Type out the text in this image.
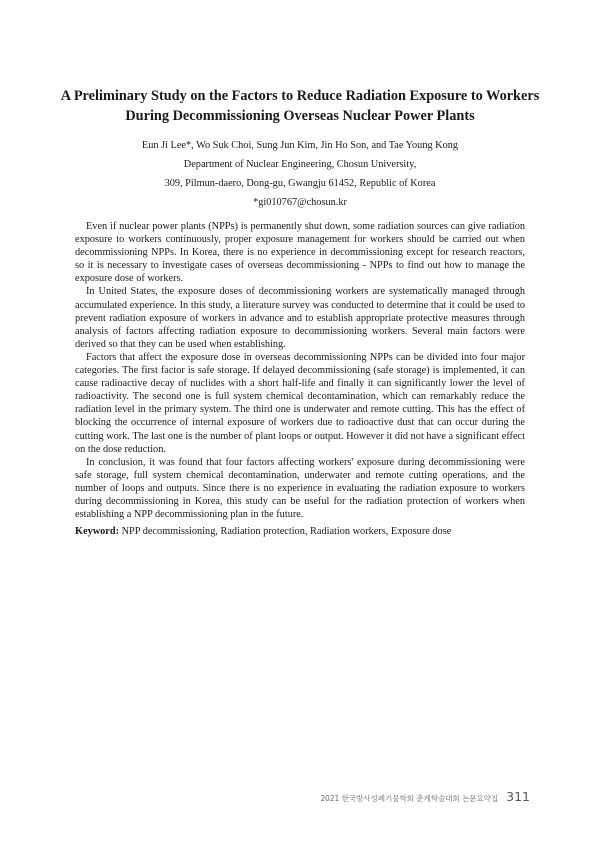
A Preliminary Study on the Factors to Reduce Radiation Exposure to Workers
During Decommissioning Overseas Nuclear Power Plants
Eun Ji Lee*, Wo Suk Choi, Sung Jun Kim, Jin Ho Son, and Tae Young Kong
Department of Nuclear Engineering, Chosun University,
309, Pilmun-daero, Dong-gu, Gwangju 61452, Republic of Korea
*gi010767@chosun.kr

Even if nuclear power plants (NPPs) is permanently shut down, some radiation sources can give radiation exposure to workers continuously, proper exposure management for workers should be carried out when decommissioning NPPs. In Korea, there is no experience in decommissioning except for research reactors, so it is necessary to investigate cases of overseas decommissioning - NPPs to find out how to manage the exposure dose of workers.

In United States, the exposure doses of decommissioning workers are systematically managed through accumulated experience. In this study, a literature survey was conducted to determine that it could be used to prevent radiation exposure of workers in advance and to establish appropriate protective measures through analysis of factors affecting radiation exposure to decommissioning workers. Several main factors were derived so that they can be used when establishing.

Factors that affect the exposure dose in overseas decommissioning NPPs can be divided into four major categories. The first factor is safe storage. If delayed decommissioning (safe storage) is implemented, it can cause radioactive decay of nuclides with a short half-life and finally it can significantly lower the level of radioactivity. The second one is full system chemical decontamination, which can remarkably reduce the radiation level in the primary system. The third one is underwater and remote cutting. This has the effect of blocking the occurrence of internal exposure of workers due to radioactive dust that can occur during the cutting work. The last one is the number of plant loops or output. However it did not have a significant effect on the dose reduction.

In conclusion, it was found that four factors affecting workers' exposure during decommissioning were safe storage, full system chemical decontamination, underwater and remote cutting operations, and the number of loops and outputs. Since there is no experience in evaluating the radiation exposure to workers during decommissioning in Korea, this study can be useful for the radiation protection of workers when establishing a NPP decommissioning plan in the future.

Keyword: NPP decommissioning, Radiation protection, Radiation workers, Exposure dose
2021 한국방사성폐기물학회 춘계학술대회 논문요약집 311
